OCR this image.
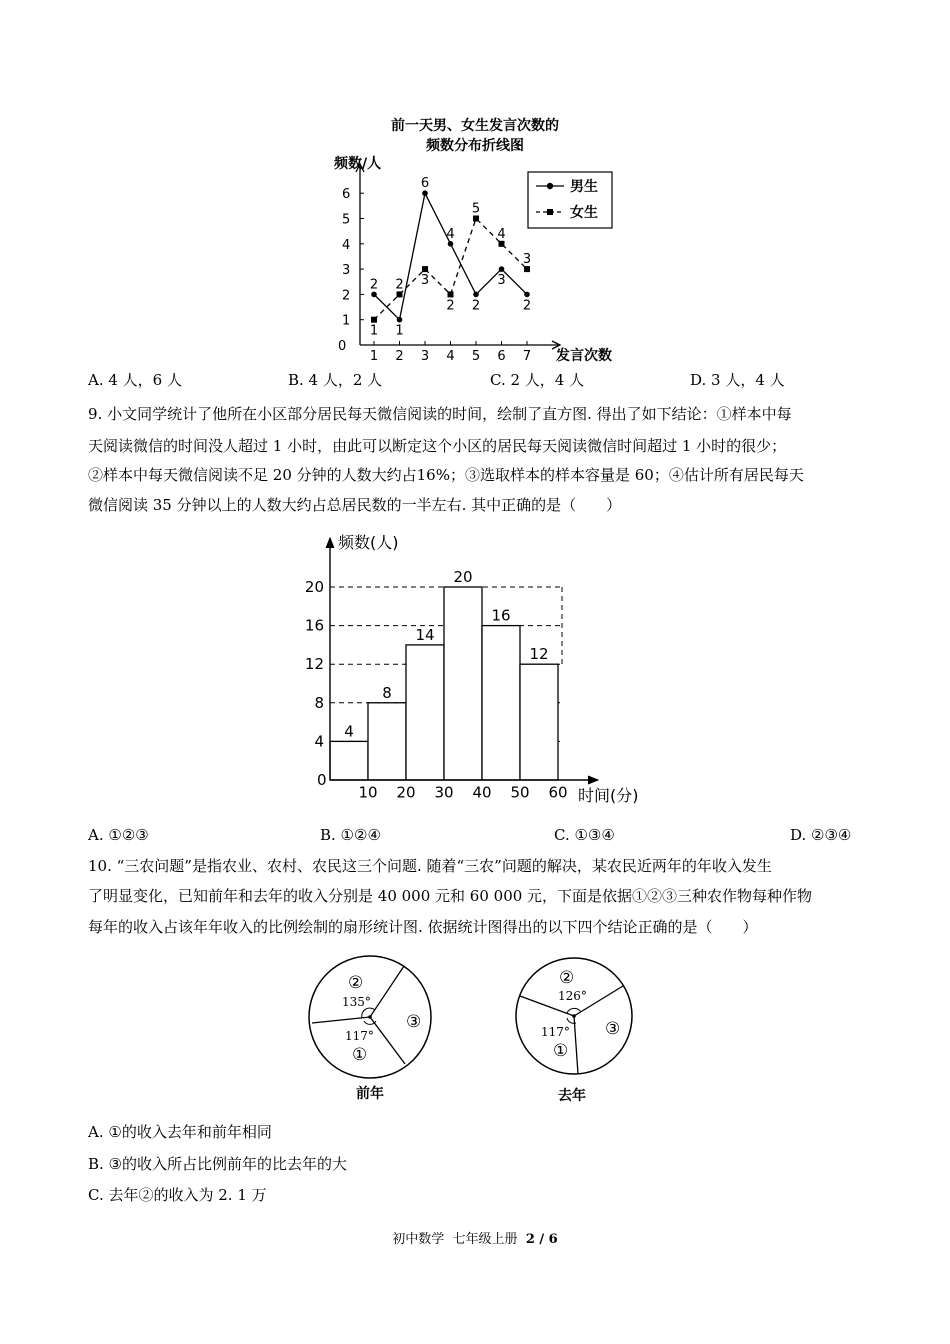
前一天男、女生发言次数的
频数分布折线图
频数/人
发言次数
0
1
2
3
4
5
6
1 2 3 4 5 6 7
男生
女生
2
1
6
4
2
3
2
1
2 3
2
5
4
3
A. 4 人，6 人	B. 4 人，2 人	C. 2 人，4 人	D. 3 人，4 人
9. 小文同学统计了他所在小区部分居民每天微信阅读的时间，绘制了直方图. 得出了如下结论：①样本中每
天阅读微信的时间没人超过 1 小时，由此可以断定这个小区的居民每天阅读微信时间超过 1 小时的很少；
②样本中每天微信阅读不足 20 分钟的人数大约占16%；③选取样本的样本容量是 60；④估计所有居民每天
微信阅读 35 分钟以上的人数大约占总居民数的一半左右. 其中正确的是（　　）
频数(人)
时间(分)
0
4
8
14
20
16
12
4
8
12
16
20
10 20 30 40 50 60
A. ①②③	B. ①②④	C. ①③④	D. ②③④
10. “三农问题”是指农业、农村、农民这三个问题. 随着“三农”问题的解决，某农民近两年的年收入发生
了明显变化，已知前年和去年的收入分别是 40 000 元和 60 000 元，下面是依据①②③三种农作物每种作物
每年的收入占该年年收入的比例绘制的扇形统计图. 依据统计图得出的以下四个结论正确的是（　　）
②
135°
117°
①
③
前年
②
126°
117°
①
③
去年
A. ①的收入去年和前年相同
B. ③的收入所占比例前年的比去年的大
C. 去年②的收入为 2. 1 万
初中数学  七年级上册  2 / 6
